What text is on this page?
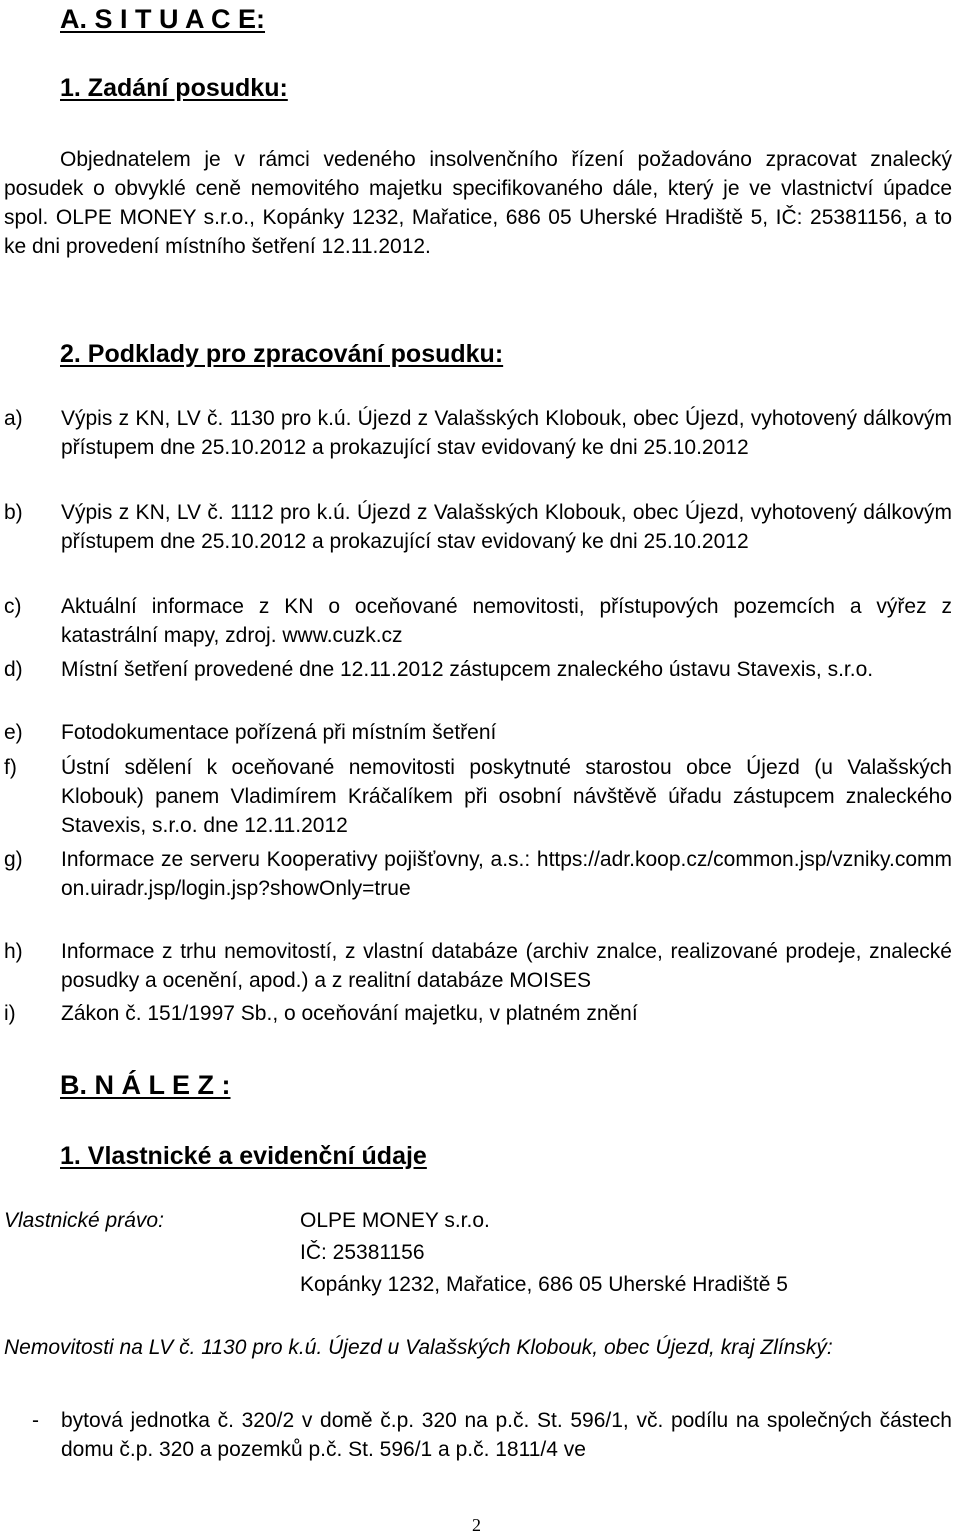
A. S I T U A C E:
1. Zadání posudku:
Objednatelem je v rámci vedeného insolvenčního řízení požadováno zpracovat znalecký posudek o obvyklé ceně nemovitého majetku specifikovaného dále, který je ve vlastnictví úpadce spol. OLPE MONEY s.r.o., Kopánky 1232, Mařatice, 686 05 Uherské Hradiště 5, IČ: 25381156, a to ke dni provedení místního šetření 12.11.2012.
2. Podklady pro zpracování posudku:
a) Výpis z KN, LV č. 1130 pro k.ú. Újezd z Valašských Klobouk, obec Újezd, vyhotovený dálkovým přístupem dne 25.10.2012 a prokazující stav evidovaný ke dni 25.10.2012
b) Výpis z KN, LV č. 1112 pro k.ú. Újezd z Valašských Klobouk, obec Újezd, vyhotovený dálkovým přístupem dne 25.10.2012 a prokazující stav evidovaný ke dni 25.10.2012
c) Aktuální informace z KN o oceňované nemovitosti, přístupových pozemcích a výřez z katastrální mapy, zdroj. www.cuzk.cz
d) Místní šetření provedené dne 12.11.2012 zástupcem znaleckého ústavu Stavexis, s.r.o.
e) Fotodokumentace pořízená při místním šetření
f) Ústní sdělení k oceňované nemovitosti poskytnuté starostou obce Újezd (u Valašských Klobouk) panem Vladimírem Kráčalíkem při osobní návštěvě úřadu zástupcem znaleckého Stavexis, s.r.o. dne 12.11.2012
g) Informace ze serveru Kooperativy pojišťovny, a.s.: https://adr.koop.cz/common.jsp/vzniky.common.uiradr.jsp/login.jsp?showOnly=true
h) Informace z trhu nemovitostí, z vlastní databáze (archiv znalce, realizované prodeje, znalecké posudky a ocenění, apod.) a z realitní databáze MOISES
i) Zákon č. 151/1997 Sb., o oceňování majetku, v platném znění
B. N Á L E Z :
1. Vlastnické a evidenční údaje
Vlastnické právo:	OLPE MONEY s.r.o.
IČ: 25381156
Kopánky 1232, Mařatice, 686 05 Uherské Hradiště 5
Nemovitosti na LV č. 1130 pro k.ú. Újezd u Valašských Klobouk, obec Újezd, kraj Zlínský:
- bytová jednotka č. 320/2 v domě č.p. 320 na p.č. St. 596/1, vč. podílu na společných částech domu č.p. 320 a pozemků p.č. St. 596/1 a p.č. 1811/4 ve
2
